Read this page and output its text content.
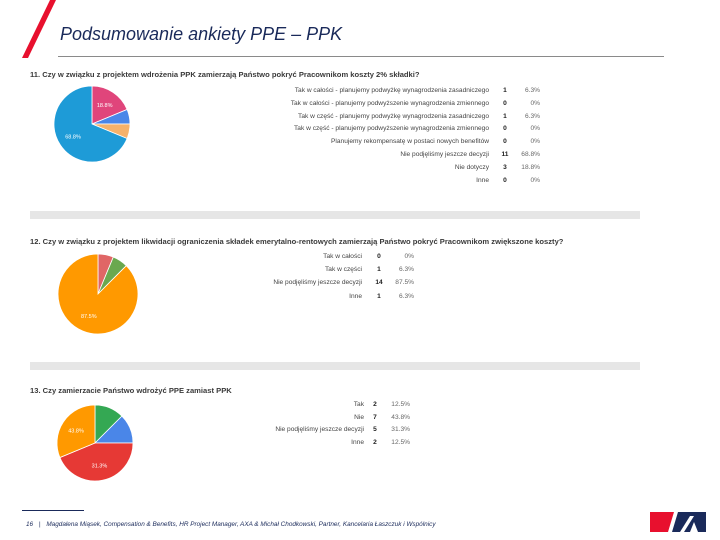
Podsumowanie ankiety PPE – PPK
11. Czy w związku z projektem wdrożenia PPK zamierzają Państwo pokryć Pracownikom koszty 2% składki?
18.8%
68.8%
Tak w całości - planujemy podwyżkę wynagrodzenia zasadniczego	1	6.3%
Tak w całości - planujemy podwyższenie wynagrodzenia zmiennego	0	0%
Tak w część - planujemy podwyżkę wynagrodzenia zasadniczego	1	6.3%
Tak w część - planujemy podwyższenie wynagrodzenia zmiennego	0	0%
Planujemy rekompensatę w postaci nowych benefitów	0	0%
Nie podjęliśmy jeszcze decyzji	11	68.8%
Nie dotyczy	3	18.8%
Inne	0	0%
12. Czy w związku z projektem likwidacji ograniczenia składek emerytalno-rentowych zamierzają Państwo pokryć Pracownikom zwiększone koszty?
87.5%
Tak w całości	0	0%
Tak w części	1	6.3%
Nie podjęliśmy jeszcze decyzji	14	87.5%
Inne	1	6.3%
13. Czy zamierzacie Państwo wdrożyć PPE zamiast PPK
31.3%
43.8%
Tak	2	12.5%
Nie	7	43.8%
Nie podjęliśmy jeszcze decyzji	5	31.3%
Inne	2	12.5%
16 | Magdalena Miąsek, Compensation & Benefits, HR Project Manager, AXA & Michał Chodkowski, Partner, Kancelaria Łaszczuk i Wspólnicy
